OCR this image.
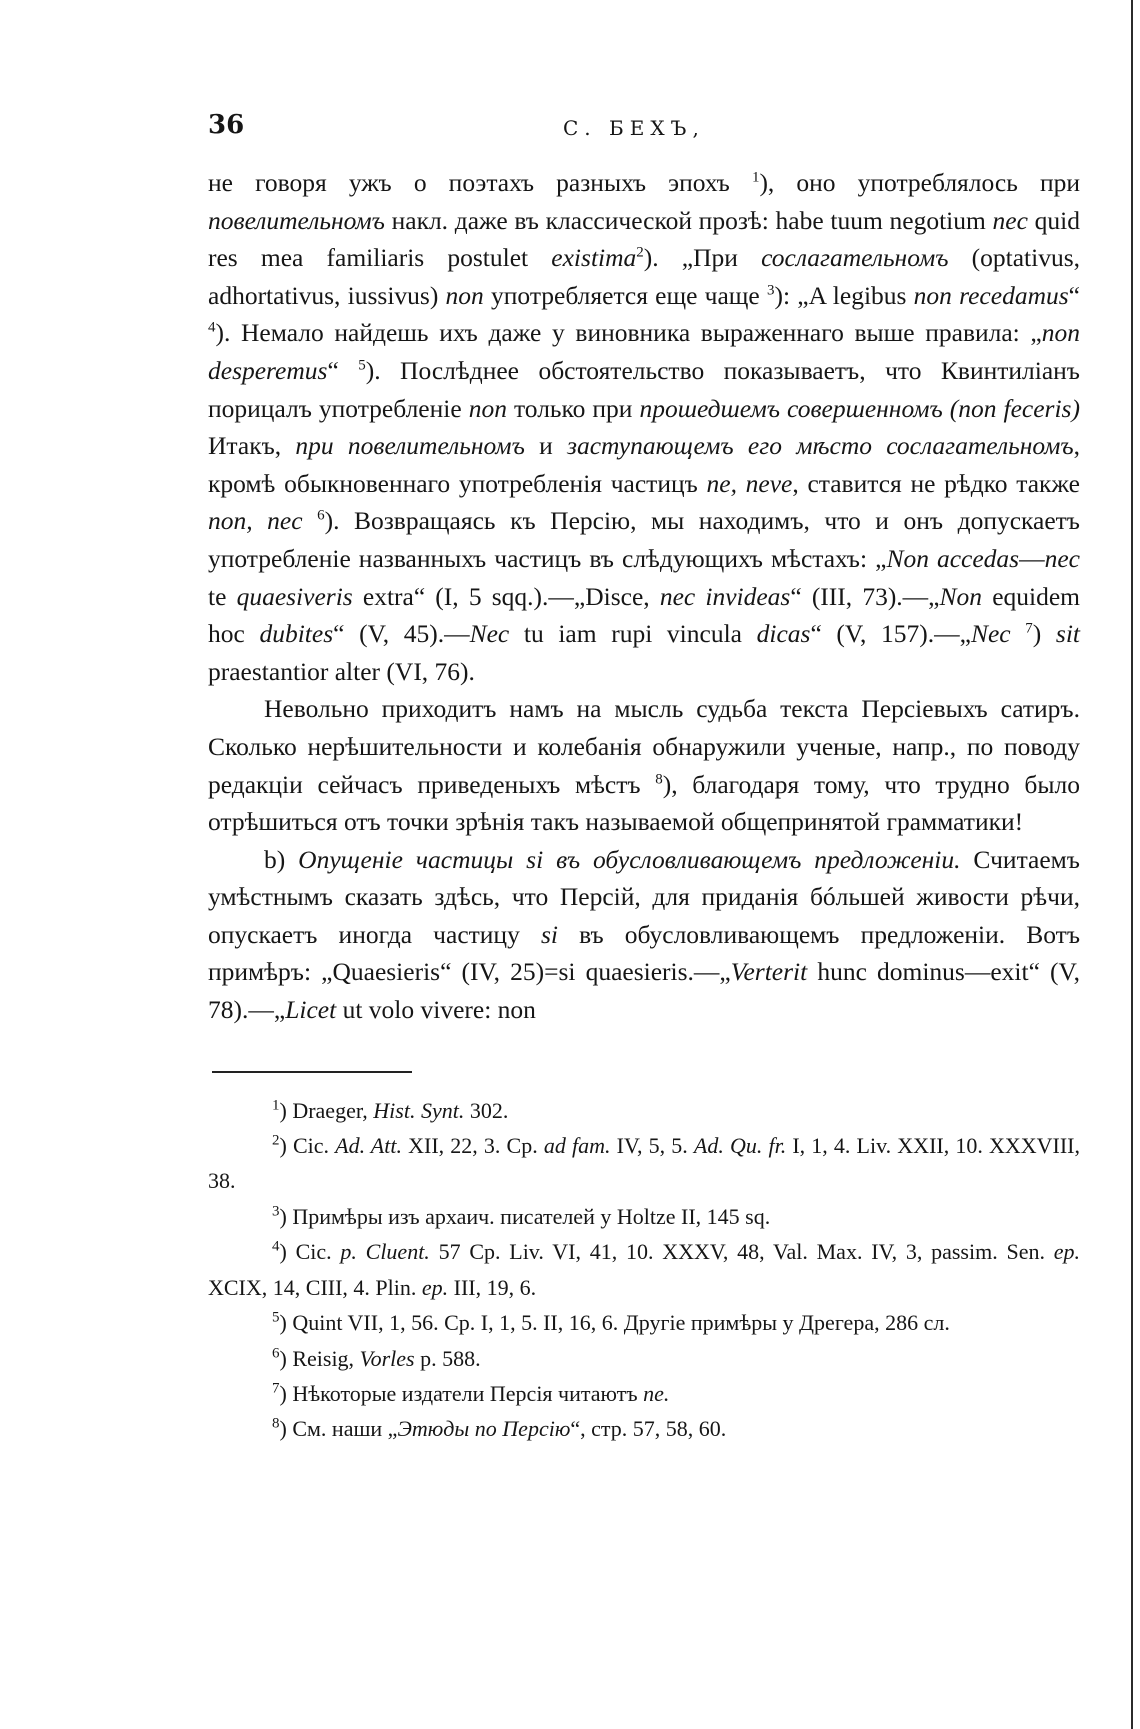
36	С. БЕХЪ,

не говоря ужъ о поэтахъ разныхъ эпохъ $^1$), оно употреблялось при повелительномъ накл. даже въ классической прозѣ: habe tuum negotium nec quid res mea familiaris postulet existima$^2$). „При сослагательномъ (optativus, adhortativus, iussivus) non употребляется еще чаще $^3$): „A legibus non recedamus“ $^4$). Немало найдешь ихъ даже у виновника выраженнаго выше правила: „non desperemus“ $^5$). Послѣднее обстоятельство показываетъ, что Квинтиліанъ порицалъ употребленіе non только при прошедшемъ совершенномъ (non feceris) Итакъ, при повелительномъ и заступающемъ его мѣсто сослагательномъ, кромѣ обыкновеннаго употребленія частицъ ne, neve, ставится не рѣдко также non, nec $^6$). Возвращаясь къ Персію, мы находимъ, что и онъ допускаетъ употребленіе названныхъ частицъ въ слѣдующихъ мѣстахъ: „Non accedas—nec te quaesiveris extra“ (I, 5 sqq.).—„Disce, nec invideas“ (III, 73).—„Non equidem hoc dubites“ (V, 45).—Nec tu iam rupi vincula dicas“ (V, 157).—„Nec $^7$) sit praestantior alter (VI, 76).

Невольно приходитъ намъ на мысль судьба текста Персіевыхъ сатиръ. Сколько нерѣшительности и колебанія обнаружили ученые, напр., по поводу редакціи сейчасъ приведеныхъ мѣстъ $^8$), благодаря тому, что трудно было отрѣшиться отъ точки зрѣнія такъ называемой общепринятой грамматики!

b) Опущеніе частицы si въ обусловливающемъ предложеніи. Считаемъ умѣстнымъ сказать здѣсь, что Персій, для приданія бóльшей живости рѣчи, опускаетъ иногда частицу si въ обусловливающемъ предложеніи. Вотъ примѣръ: „Quaesieris“ (IV, 25)=si quaesieris.—„Verterit hunc dominus—exit“ (V, 78).—„Licet ut volo vivere: non

$^1$) Draeger, Hist. Synt. 302.

$^2$) Cic. Ad. Att. XII, 22, 3. Cp. ad fam. IV, 5, 5. Ad. Qu. fr. I, 1, 4. Liv. XXII, 10. XXXVIII, 38.

$^3$) Примѣры изъ архаич. писателей у Holtze II, 145 sq.

$^4$) Cic. p. Cluent. 57 Cp. Liv. VI, 41, 10. XXXV, 48, Val. Max. IV, 3, passim. Sen. ep. XCIX, 14, CIII, 4. Plin. ep. III, 19, 6.

$^5$) Quint VII, 1, 56. Cp. I, 1, 5. II, 16, 6. Другіе примѣры у Дрегера, 286 сл.

$^6$) Reisig, Vorles p. 588.

$^7$) Нѣкоторые издатели Персія читаютъ ne.

$^8$) См. наши „Этюды по Персію“, стр. 57, 58, 60.
